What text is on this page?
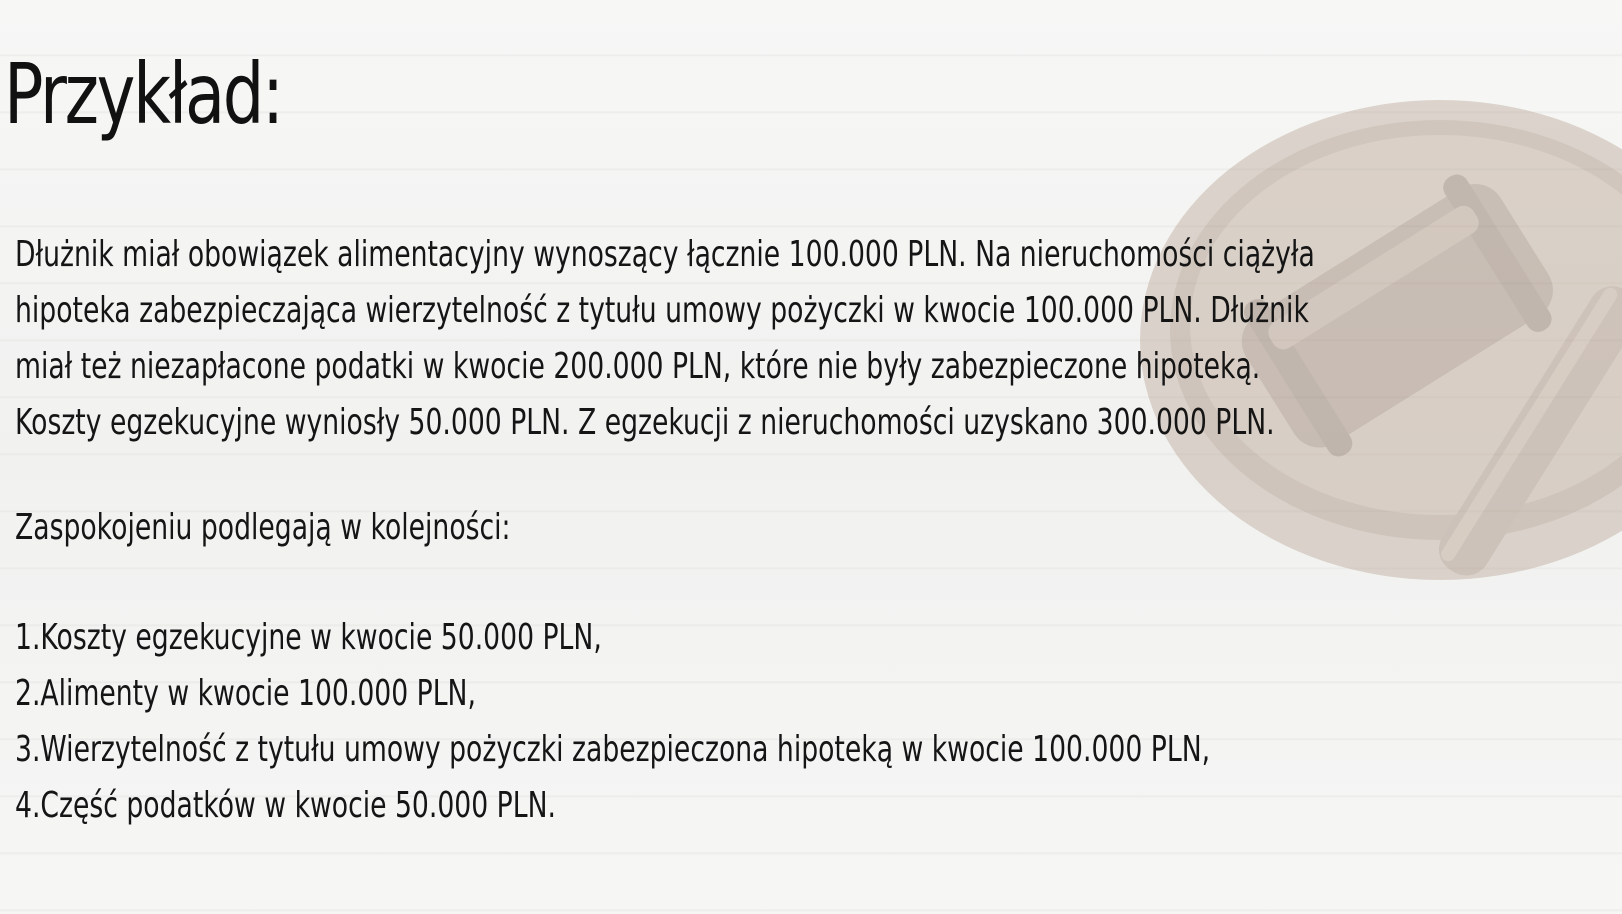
Przykład:

Dłużnik miał obowiązek alimentacyjny wynoszący łącznie 100.000 PLN. Na nieruchomości ciążyła

hipoteka zabezpieczająca wierzytelność z tytułu umowy pożyczki w kwocie 100.000 PLN. Dłużnik

miał też niezapłacone podatki w kwocie 200.000 PLN, które nie były zabezpieczone hipoteką.

Koszty egzekucyjne wyniosły 50.000 PLN. Z egzekucji z nieruchomości uzyskano 300.000 PLN.

Zaspokojeniu podlegają w kolejności:

1.Koszty egzekucyjne w kwocie 50.000 PLN,

2.Alimenty w kwocie 100.000 PLN,

3.Wierzytelność z tytułu umowy pożyczki zabezpieczona hipoteką w kwocie 100.000 PLN,

4.Część podatków w kwocie 50.000 PLN.
